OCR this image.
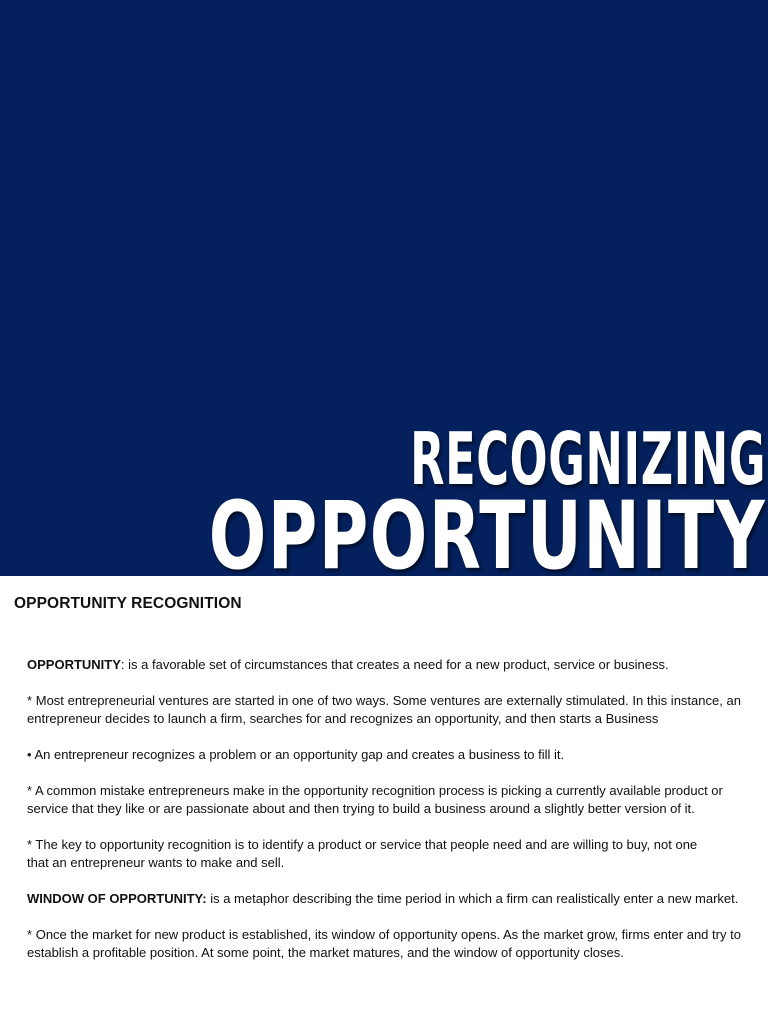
RECOGNIZING
OPPORTUNITY
OPPORTUNITY RECOGNITION

OPPORTUNITY: is a favorable set of circumstances that creates a need for a new product, service or business.

* Most entrepreneurial ventures are started in one of two ways. Some ventures are externally stimulated. In this instance, an entrepreneur decides to launch a firm, searches for and recognizes an opportunity, and then starts a Business

• An entrepreneur recognizes a problem or an opportunity gap and creates a business to fill it.

* A common mistake entrepreneurs make in the opportunity recognition process is picking a currently available product or service that they like or are passionate about and then trying to build a business around a slightly better version of it.

* The key to opportunity recognition is to identify a product or service that people need and are willing to buy, not one
that an entrepreneur wants to make and sell.

WINDOW OF OPPORTUNITY: is a metaphor describing the time period in which a firm can realistically enter a new market.

* Once the market for new product is established, its window of opportunity opens. As the market grow, firms enter and try to establish a profitable position. At some point, the market matures, and the window of opportunity closes.
